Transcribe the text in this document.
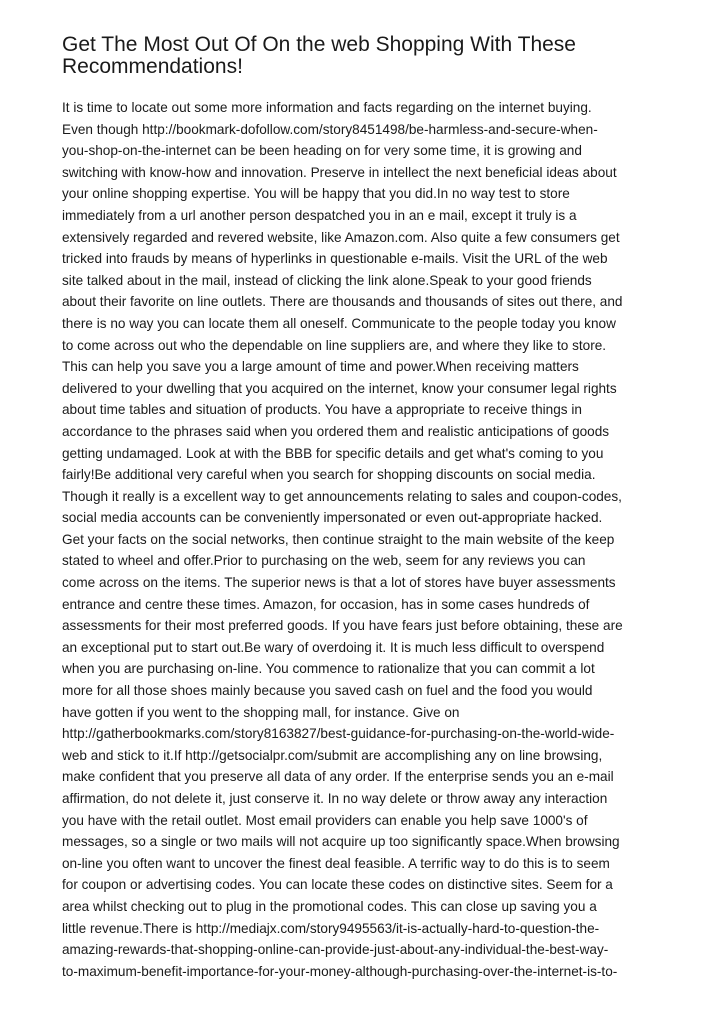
Get The Most Out Of On the web Shopping With These Recommendations!
It is time to locate out some more information and facts regarding on the internet buying.
Even though http://bookmark-dofollow.com/story8451498/be-harmless-and-secure-when-
you-shop-on-the-internet can be been heading on for very some time, it is growing and
switching with know-how and innovation. Preserve in intellect the next beneficial ideas about
your online shopping expertise. You will be happy that you did.In no way test to store
immediately from a url another person despatched you in an e mail, except it truly is a
extensively regarded and revered website, like Amazon.com. Also quite a few consumers get
tricked into frauds by means of hyperlinks in questionable e-mails. Visit the URL of the web
site talked about in the mail, instead of clicking the link alone.Speak to your good friends
about their favorite on line outlets. There are thousands and thousands of sites out there, and
there is no way you can locate them all oneself. Communicate to the people today you know
to come across out who the dependable on line suppliers are, and where they like to store.
This can help you save you a large amount of time and power.When receiving matters
delivered to your dwelling that you acquired on the internet, know your consumer legal rights
about time tables and situation of products. You have a appropriate to receive things in
accordance to the phrases said when you ordered them and realistic anticipations of goods
getting undamaged. Look at with the BBB for specific details and get what's coming to you
fairly!Be additional very careful when you search for shopping discounts on social media.
Though it really is a excellent way to get announcements relating to sales and coupon-codes,
social media accounts can be conveniently impersonated or even out-appropriate hacked.
Get your facts on the social networks, then continue straight to the main website of the keep
stated to wheel and offer.Prior to purchasing on the web, seem for any reviews you can
come across on the items. The superior news is that a lot of stores have buyer assessments
entrance and centre these times. Amazon, for occasion, has in some cases hundreds of
assessments for their most preferred goods. If you have fears just before obtaining, these are
an exceptional put to start out.Be wary of overdoing it. It is much less difficult to overspend
when you are purchasing on-line. You commence to rationalize that you can commit a lot
more for all those shoes mainly because you saved cash on fuel and the food you would
have gotten if you went to the shopping mall, for instance. Give on
http://gatherbookmarks.com/story8163827/best-guidance-for-purchasing-on-the-world-wide-
web and stick to it.If http://getsocialpr.com/submit are accomplishing any on line browsing,
make confident that you preserve all data of any order. If the enterprise sends you an e-mail
affirmation, do not delete it, just conserve it. In no way delete or throw away any interaction
you have with the retail outlet. Most email providers can enable you help save 1000's of
messages, so a single or two mails will not acquire up too significantly space.When browsing
on-line you often want to uncover the finest deal feasible. A terrific way to do this is to seem
for coupon or advertising codes. You can locate these codes on distinctive sites. Seem for a
area whilst checking out to plug in the promotional codes. This can close up saving you a
little revenue.There is http://mediajx.com/story9495563/it-is-actually-hard-to-question-the-
amazing-rewards-that-shopping-online-can-provide-just-about-any-individual-the-best-way-
to-maximum-benefit-importance-for-your-money-although-purchasing-over-the-internet-is-to-
